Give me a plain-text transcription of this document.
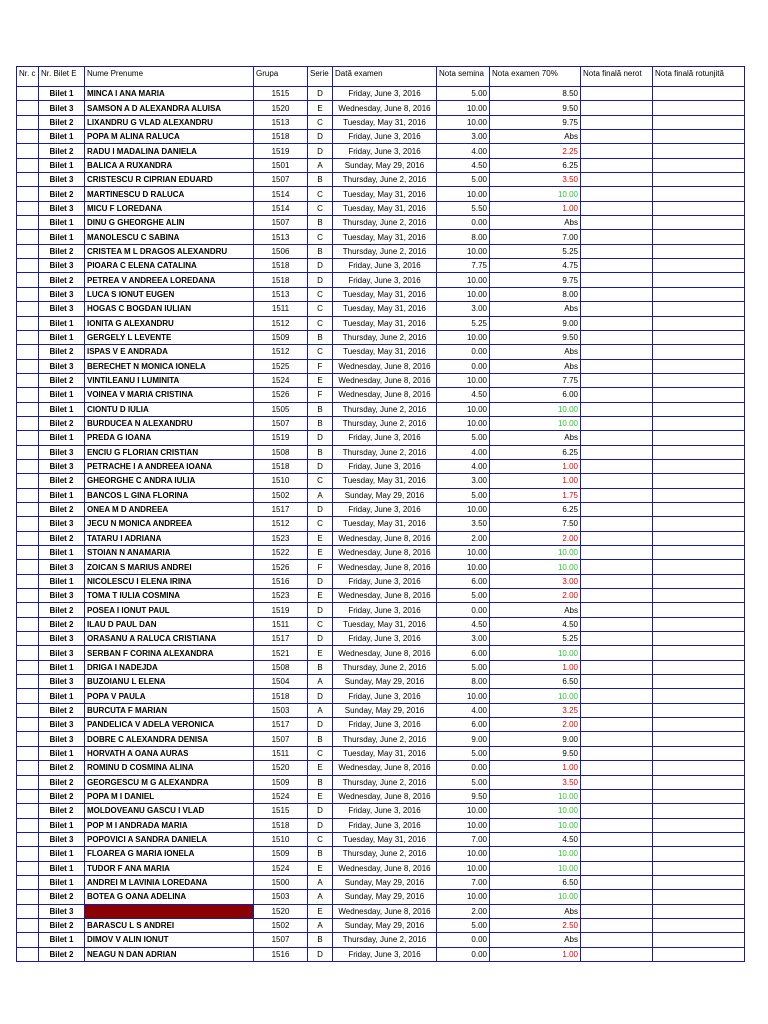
Nr. c	Nr. Bilet E	Nume Prenume	Grupa	Serie	Dată examen	Nota semina	Nota examen 70%	Nota finală nerot	Nota finală rotunjită
	Bilet 1	MINCA I ANA MARIA	1515	D	Friday, June 3, 2016	5.00	8.50		
	Bilet 3	SAMSON A D ALEXANDRA ALUISA	1520	E	Wednesday, June 8, 2016	10.00	9.50		
	Bilet 2	LIXANDRU G VLAD ALEXANDRU	1513	C	Tuesday, May 31, 2016	10.00	9.75		
	Bilet 1	POPA M ALINA RALUCA	1518	D	Friday, June 3, 2016	3.00	Abs		
	Bilet 2	RADU I MADALINA DANIELA	1519	D	Friday, June 3, 2016	4.00	2.25		
	Bilet 1	BALICA A RUXANDRA	1501	A	Sunday, May 29, 2016	4.50	6.25		
	Bilet 3	CRISTESCU R CIPRIAN EDUARD	1507	B	Thursday, June 2, 2016	5.00	3.50		
	Bilet 2	MARTINESCU D RALUCA	1514	C	Tuesday, May 31, 2016	10.00	10.00		
	Bilet 3	MICU F LOREDANA	1514	C	Tuesday, May 31, 2016	5.50	1.00		
	Bilet 1	DINU G GHEORGHE ALIN	1507	B	Thursday, June 2, 2016	0.00	Abs		
	Bilet 1	MANOLESCU C SABINA	1513	C	Tuesday, May 31, 2016	8.00	7.00		
	Bilet 2	CRISTEA M L DRAGOS ALEXANDRU	1506	B	Thursday, June 2, 2016	10.00	5.25		
	Bilet 3	PIOARA C ELENA CATALINA	1518	D	Friday, June 3, 2016	7.75	4.75		
	Bilet 2	PETREA V ANDREEA LOREDANA	1518	D	Friday, June 3, 2016	10.00	9.75		
	Bilet 3	LUCA S IONUT EUGEN	1513	C	Tuesday, May 31, 2016	10.00	8.00		
	Bilet 3	HOGAS C BOGDAN IULIAN	1511	C	Tuesday, May 31, 2016	3.00	Abs		
	Bilet 1	IONITA G ALEXANDRU	1512	C	Tuesday, May 31, 2016	5.25	9.00		
	Bilet 1	GERGELY L LEVENTE	1509	B	Thursday, June 2, 2016	10.00	9.50		
	Bilet 2	ISPAS V E ANDRADA	1512	C	Tuesday, May 31, 2016	0.00	Abs		
	Bilet 3	BERECHET N MONICA IONELA	1525	F	Wednesday, June 8, 2016	0.00	Abs		
	Bilet 2	VINTILEANU I LUMINITA	1524	E	Wednesday, June 8, 2016	10.00	7.75		
	Bilet 1	VOINEA V MARIA CRISTINA	1526	F	Wednesday, June 8, 2016	4.50	6.00		
	Bilet 1	CIONTU D IULIA	1505	B	Thursday, June 2, 2016	10.00	10.00		
	Bilet 2	BURDUCEA N ALEXANDRU	1507	B	Thursday, June 2, 2016	10.00	10.00		
	Bilet 1	PREDA G IOANA	1519	D	Friday, June 3, 2016	5.00	Abs		
	Bilet 3	ENCIU G FLORIAN CRISTIAN	1508	B	Thursday, June 2, 2016	4.00	6.25		
	Bilet 3	PETRACHE I A ANDREEA IOANA	1518	D	Friday, June 3, 2016	4.00	1.00		
	Bilet 2	GHEORGHE C ANDRA IULIA	1510	C	Tuesday, May 31, 2016	3.00	1.00		
	Bilet 1	BANCOS L GINA FLORINA	1502	A	Sunday, May 29, 2016	5.00	1.75		
	Bilet 2	ONEA M D ANDREEA	1517	D	Friday, June 3, 2016	10.00	6.25		
	Bilet 3	JECU N MONICA ANDREEA	1512	C	Tuesday, May 31, 2016	3.50	7.50		
	Bilet 2	TATARU I ADRIANA	1523	E	Wednesday, June 8, 2016	2.00	2.00		
	Bilet 1	STOIAN N ANAMARIA	1522	E	Wednesday, June 8, 2016	10.00	10.00		
	Bilet 3	ZOICAN S MARIUS ANDREI	1526	F	Wednesday, June 8, 2016	10.00	10.00		
	Bilet 1	NICOLESCU I ELENA IRINA	1516	D	Friday, June 3, 2016	6.00	3.00		
	Bilet 3	TOMA T IULIA COSMINA	1523	E	Wednesday, June 8, 2016	5.00	2.00		
	Bilet 2	POSEA I IONUT PAUL	1519	D	Friday, June 3, 2016	0.00	Abs		
	Bilet 2	ILAU D PAUL DAN	1511	C	Tuesday, May 31, 2016	4.50	4.50		
	Bilet 3	ORASANU A RALUCA CRISTIANA	1517	D	Friday, June 3, 2016	3.00	5.25		
	Bilet 3	SERBAN F CORINA ALEXANDRA	1521	E	Wednesday, June 8, 2016	6.00	10.00		
	Bilet 1	DRIGA I NADEJDA	1508	B	Thursday, June 2, 2016	5.00	1.00		
	Bilet 3	BUZOIANU L ELENA	1504	A	Sunday, May 29, 2016	8.00	6.50		
	Bilet 1	POPA V PAULA	1518	D	Friday, June 3, 2016	10.00	10.00		
	Bilet 2	BURCUTA F MARIAN	1503	A	Sunday, May 29, 2016	4.00	3.25		
	Bilet 3	PANDELICA V ADELA VERONICA	1517	D	Friday, June 3, 2016	6.00	2.00		
	Bilet 3	DOBRE C ALEXANDRA DENISA	1507	B	Thursday, June 2, 2016	9.00	9.00		
	Bilet 1	HORVATH A OANA AURAS	1511	C	Tuesday, May 31, 2016	5.00	9.50		
	Bilet 2	ROMINU D COSMINA ALINA	1520	E	Wednesday, June 8, 2016	0.00	1.00		
	Bilet 2	GEORGESCU M G ALEXANDRA	1509	B	Thursday, June 2, 2016	5.00	3.50		
	Bilet 2	POPA M I DANIEL	1524	E	Wednesday, June 8, 2016	9.50	10.00		
	Bilet 2	MOLDOVEANU GASCU I VLAD	1515	D	Friday, June 3, 2016	10.00	10.00		
	Bilet 1	POP M I ANDRADA MARIA	1518	D	Friday, June 3, 2016	10.00	10.00		
	Bilet 3	POPOVICI A SANDRA DANIELA	1510	C	Tuesday, May 31, 2016	7.00	4.50		
	Bilet 1	FLOAREA G MARIA IONELA	1509	B	Thursday, June 2, 2016	10.00	10.00		
	Bilet 1	TUDOR F ANA MARIA	1524	E	Wednesday, June 8, 2016	10.00	10.00		
	Bilet 1	ANDREI M LAVINIA LOREDANA	1500	A	Sunday, May 29, 2016	7.00	6.50		
	Bilet 2	BOTEA G OANA ADELINA	1503	A	Sunday, May 29, 2016	10.00	10.00		
	Bilet 3		1520	E	Wednesday, June 8, 2016	2.00	Abs		
	Bilet 2	BARASCU L S ANDREI	1502	A	Sunday, May 29, 2016	5.00	2.50		
	Bilet 1	DIMOV V ALIN IONUT	1507	B	Thursday, June 2, 2016	0.00	Abs		
	Bilet 2	NEAGU N DAN ADRIAN	1516	D	Friday, June 3, 2016	0.00	1.00		
